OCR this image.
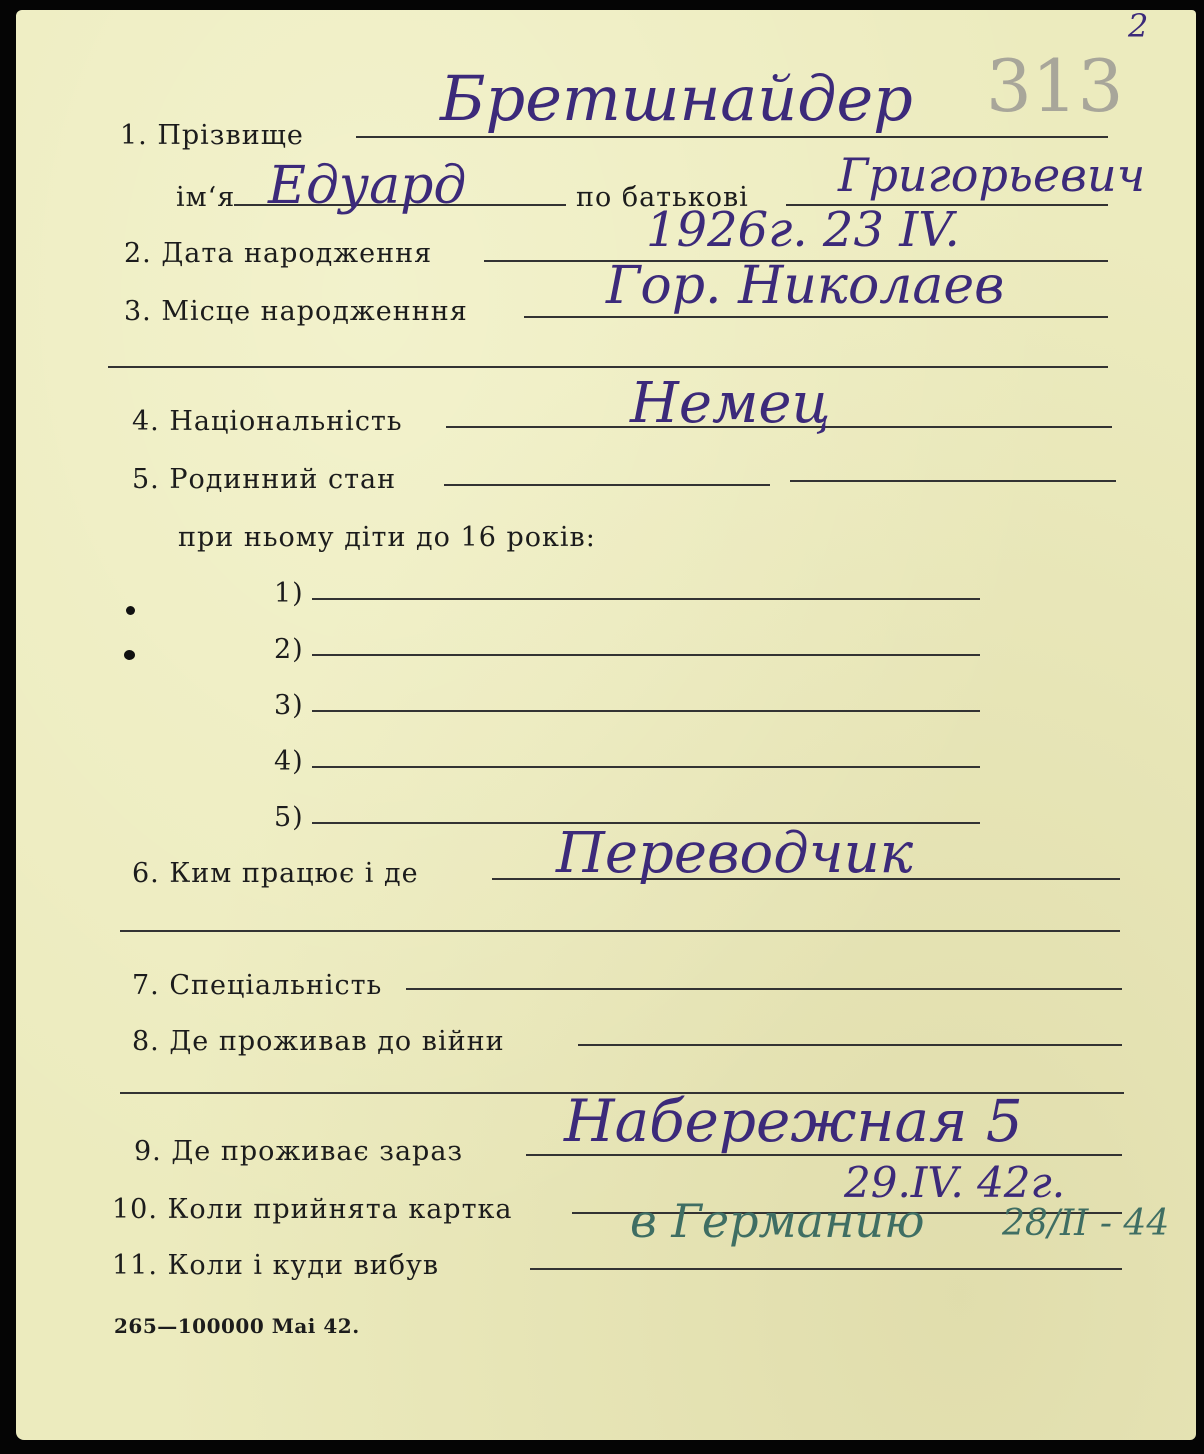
313
2
1. Прізвище
Бретшнайдер
ім‘я Едуард	по батькові Григорьевич
2. Дата народження	1926г. 23 IV.
3. Місце народженння	Гор. Николаев
4. Національність	Немец
5. Родинний стан
при ньому діти до 16 років:
1)
2)
3)
4)
5)
6. Ким працює і де Переводчик
7. Спеціальність
8. Де проживав до війни
9. Де проживає зараз Набережная 5
10. Коли прийнята картка
29.IV. 42г.
11. Коли і куди вибув
в Германию 28/II - 44
265—100000 Маі 42.
